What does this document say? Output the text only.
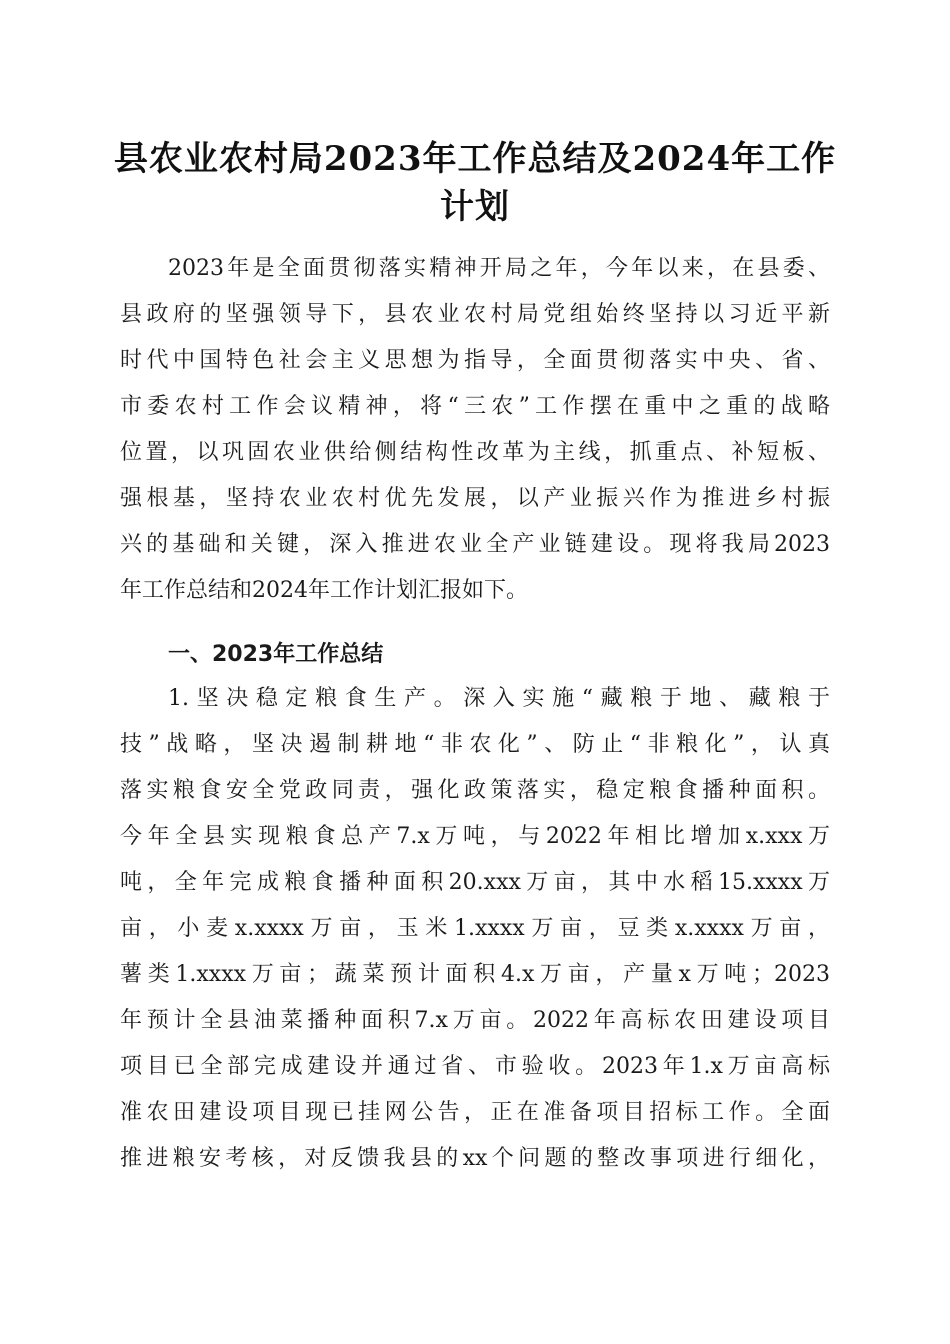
县农业农村局2023年工作总结及2024年工作
计划
2023年是全面贯彻落实精神开局之年，今年以来，在县委、
县政府的坚强领导下，县农业农村局党组始终坚持以习近平新
时代中国特色社会主义思想为指导，全面贯彻落实中央、省、
市委农村工作会议精神，将“三农”工作摆在重中之重的战略
位置，以巩固农业供给侧结构性改革为主线，抓重点、补短板、
强根基，坚持农业农村优先发展，以产业振兴作为推进乡村振
兴的基础和关键，深入推进农业全产业链建设。现将我局2023
年工作总结和2024年工作计划汇报如下。
一、2023年工作总结
1.坚决稳定粮食生产。深入实施“藏粮于地、藏粮于
技”战略，坚决遏制耕地“非农化”、防止“非粮化”，认真
落实粮食安全党政同责，强化政策落实，稳定粮食播种面积。
今年全县实现粮食总产7.x万吨，与2022年相比增加x.xxx万
吨，全年完成粮食播种面积20.xxx万亩，其中水稻15.xxxx万
亩，小麦x.xxxx万亩，玉米1.xxxx万亩，豆类x.xxxx万亩，
薯类1.xxxx万亩；蔬菜预计面积4.x万亩，产量x万吨；2023
年预计全县油菜播种面积7.x万亩。2022年高标农田建设项目
项目已全部完成建设并通过省、市验收。2023年1.x万亩高标
准农田建设项目现已挂网公告，正在准备项目招标工作。全面
推进粮安考核，对反馈我县的xx个问题的整改事项进行细化，
